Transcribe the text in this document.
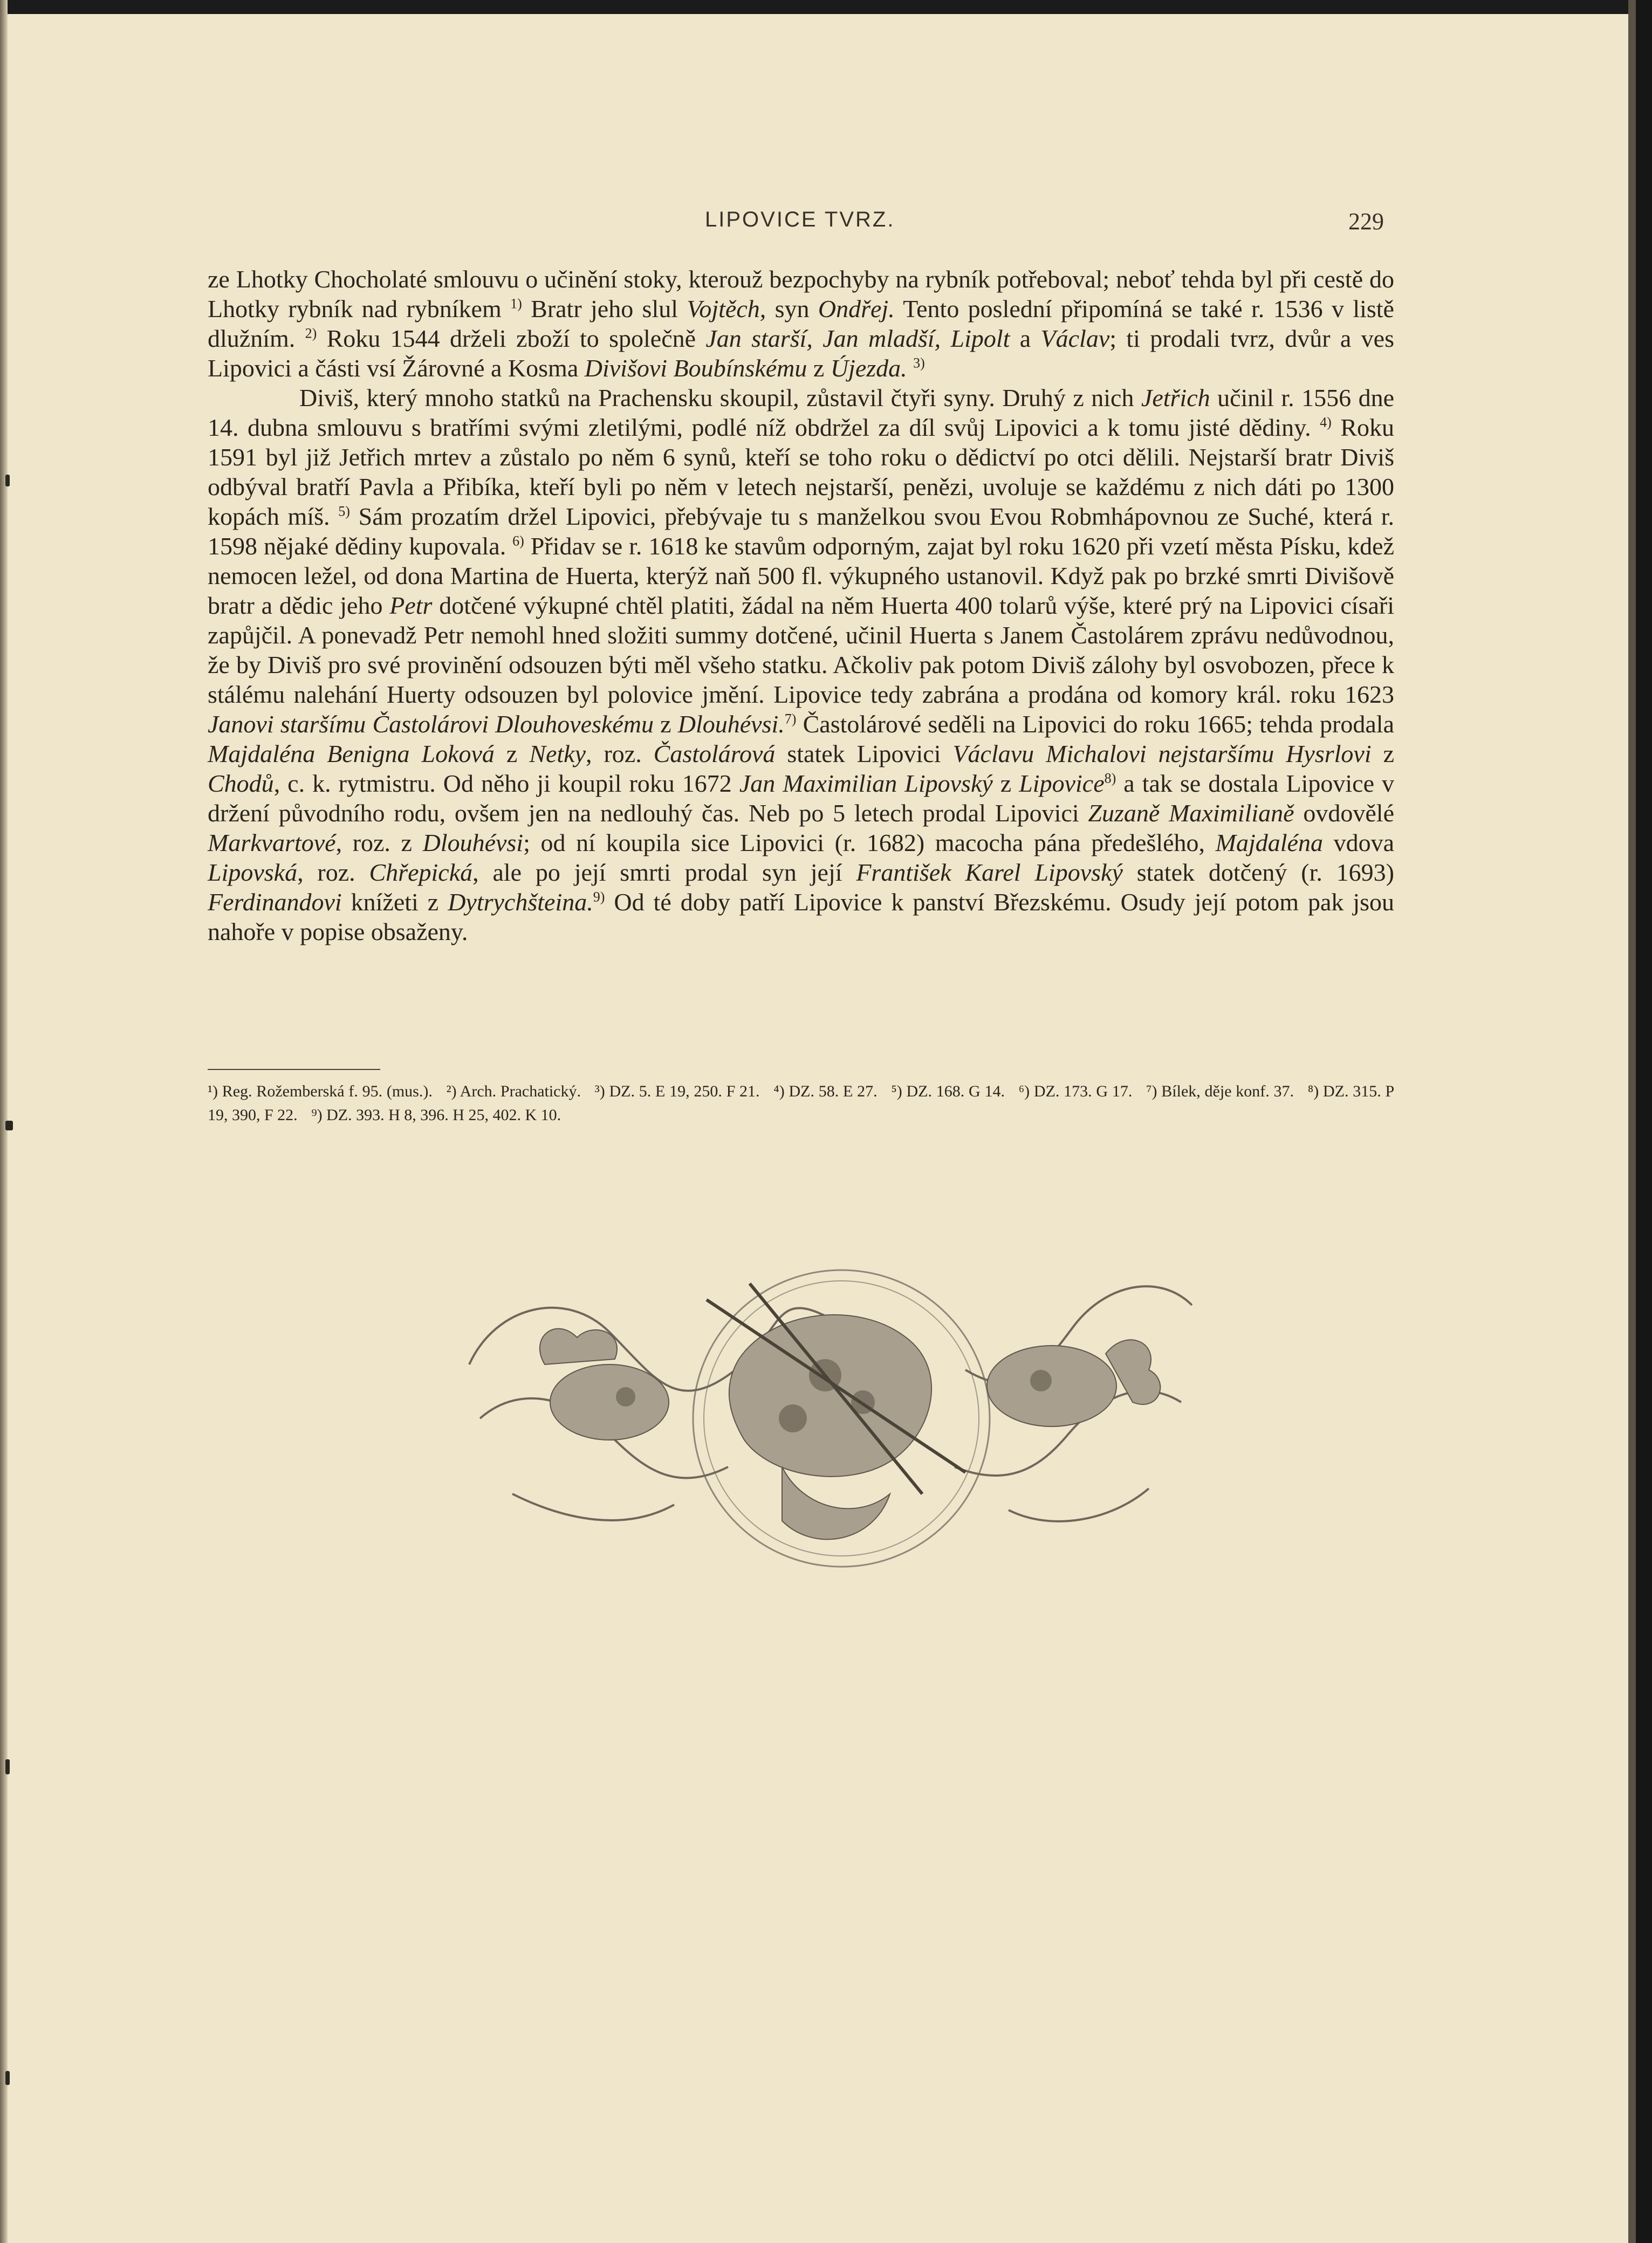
LIPOVICE TVRZ.	229

ze Lhotky Chocholaté smlouvu o učinění stoky, kterouž bezpochyby na rybník potřeboval; neboť tehda byl při cestě do Lhotky rybník nad rybníkem $^{1)}$ Bratr jeho slul Vojtěch, syn Ondřej. Tento poslední připomíná se také r. 1536 v listě dlužním. $^{2)}$ Roku 1544 drželi zboží to společně Jan starší, Jan mladší, Lipolt a Václav; ti prodali tvrz, dvůr a ves Lipovici a části vsí Žárovné a Kosma Divišovi Boubínskému z Újezda. $^{3)}$

Diviš, který mnoho statků na Prachensku skoupil, zůstavil čtyři syny. Druhý z nich Jetřich učinil r. 1556 dne 14. dubna smlouvu s bratřími svými zletilými, podlé níž obdržel za díl svůj Lipovici a k tomu jisté dědiny. $^{4)}$ Roku 1591 byl již Jetřich mrtev a zůstalo po něm 6 synů, kteří se toho roku o dědictví po otci dělili. Nejstarší bratr Diviš odbýval bratří Pavla a Přibíka, kteří byli po něm v letech nejstarší, penězi, uvoluje se každému z nich dáti po 1300 kopách míš. $^{5)}$ Sám prozatím držel Lipovici, přebývaje tu s manželkou svou Evou Robmhápovnou ze Suché, která r. 1598 nějaké dědiny kupovala. $^{6)}$ Přidav se r. 1618 ke stavům odporným, zajat byl roku 1620 při vzetí města Písku, kdež nemocen ležel, od dona Martina de Huerta, kterýž naň 500 fl. výkupného ustanovil. Když pak po brzké smrti Divišově bratr a dědic jeho Petr dotčené výkupné chtěl platiti, žádal na něm Huerta 400 tolarů výše, které prý na Lipovici císaři zapůjčil. A ponevadž Petr nemohl hned složiti summy dotčené, učinil Huerta s Janem Častolárem zprávu nedůvodnou, že by Diviš pro své provinění odsouzen býti měl všeho statku. Ačkoliv pak potom Diviš zálohy byl osvobozen, přece k stálému nalehání Huerty odsouzen byl polovice jmění. Lipovice tedy zabrána a prodána od komory král. roku 1623 Janovi staršímu Častolárovi Dlouhoveskému z Dlouhévsi.$^{7)}$ Častolárové seděli na Lipovici do roku 1665; tehda prodala Majdaléna Benigna Loková z Netky, roz. Častolárová statek Lipovici Václavu Michalovi nejstaršímu Hysrlovi z Chodů, c. k. rytmistru. Od něho ji koupil roku 1672 Jan Maximilian Lipovský z Lipovice$^{8)}$ a tak se dostala Lipovice v držení původního rodu, ovšem jen na nedlouhý čas. Neb po 5 letech prodal Lipovici Zuzaně Maximilianě ovdovělé Markvartové, roz. z Dlouhévsi; od ní koupila sice Lipovici (r. 1682) macocha pána předešlého, Majdaléna vdova Lipovská, roz. Chřepická, ale po její smrti prodal syn její František Karel Lipovský statek dotčený (r. 1693) Ferdinandovi knížeti z Dytrychšteina.$^{9)}$ Od té doby patří Lipovice k panství Březskému. Osudy její potom pak jsou nahoře v popise obsaženy.

¹) Reg. Rožemberská f. 95. (mus.). ²) Arch. Prachatický. ³) DZ. 5. E 19, 250. F 21. ⁴) DZ. 58. E 27. ⁵) DZ. 168. G 14. ⁶) DZ. 173. G 17. ⁷) Bílek, děje konf. 37. ⁸) DZ. 315. P 19, 390, F 22. ⁹) DZ. 393. H 8, 396. H 25, 402. K 10.
